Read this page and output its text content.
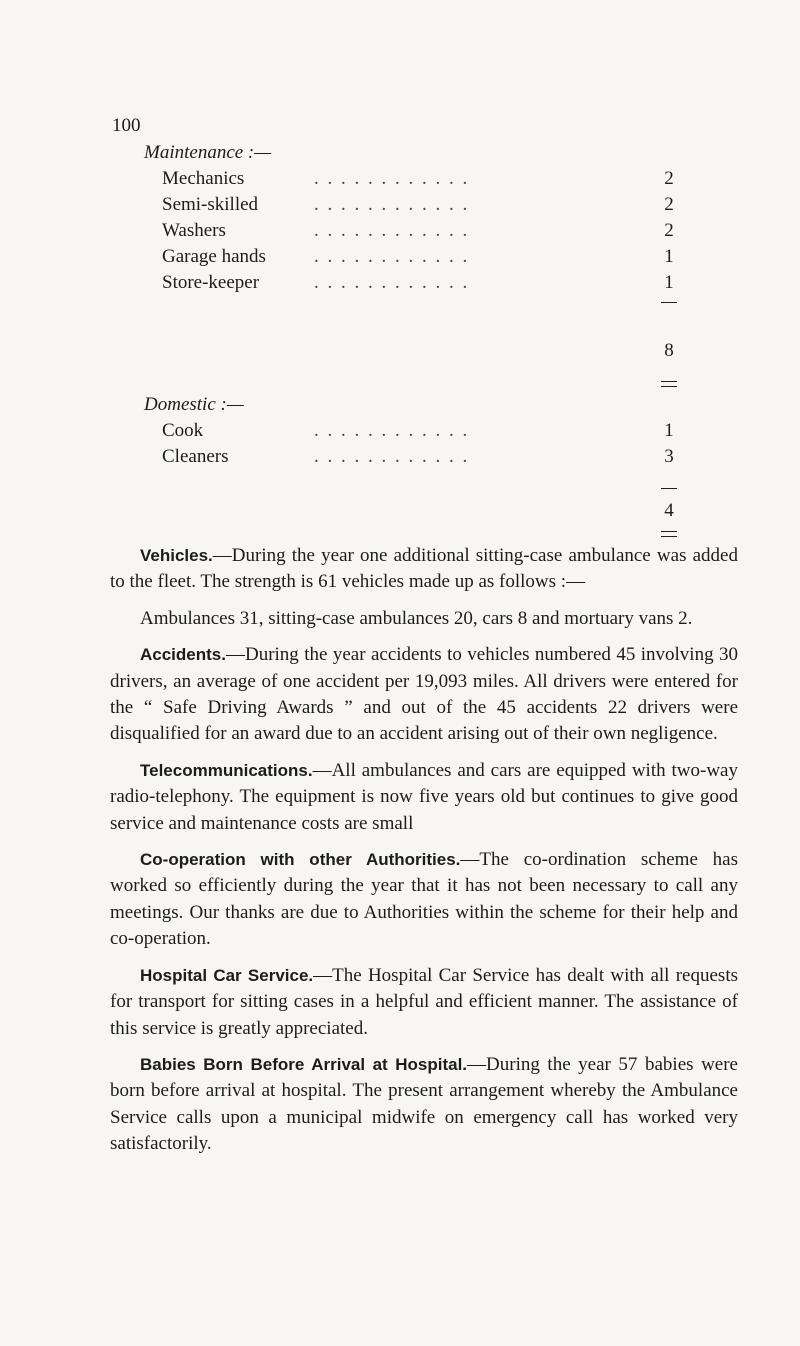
100
Maintenance :—
Mechanics	. . . . . . . . . . . .	2
Semi-skilled	. . . . . . . . . . . .	2
Washers	. . . . . . . . . . . .	2
Garage hands	. . . . . . . . . . . .	1
Store-keeper	. . . . . . . . . . . .	1
8
Domestic :—
Cook	. . . . . . . . . . . .	1
Cleaners	. . . . . . . . . . . .	3
4

Vehicles.—During the year one additional sitting-case ambulance was added to the fleet. The strength is 61 vehicles made up as follows :—

Ambulances 31, sitting-case ambulances 20, cars 8 and mortuary vans 2.

Accidents.—During the year accidents to vehicles numbered 45 involving 30 drivers, an average of one accident per 19,093 miles. All drivers were entered for the “ Safe Driving Awards ” and out of the 45 accidents 22 drivers were disqualified for an award due to an accident arising out of their own negligence.

Telecommunications.—All ambulances and cars are equipped with two-way radio-telephony. The equipment is now five years old but continues to give good service and maintenance costs are small

Co-operation with other Authorities.—The co-ordination scheme has worked so efficiently during the year that it has not been necessary to call any meetings. Our thanks are due to Authorities within the scheme for their help and co-operation.

Hospital Car Service.—The Hospital Car Service has dealt with all requests for transport for sitting cases in a helpful and efficient manner. The assistance of this service is greatly appreciated.

Babies Born Before Arrival at Hospital.—During the year 57 babies were born before arrival at hospital. The present arrangement whereby the Ambulance Service calls upon a municipal midwife on emergency call has worked very satisfactorily.
